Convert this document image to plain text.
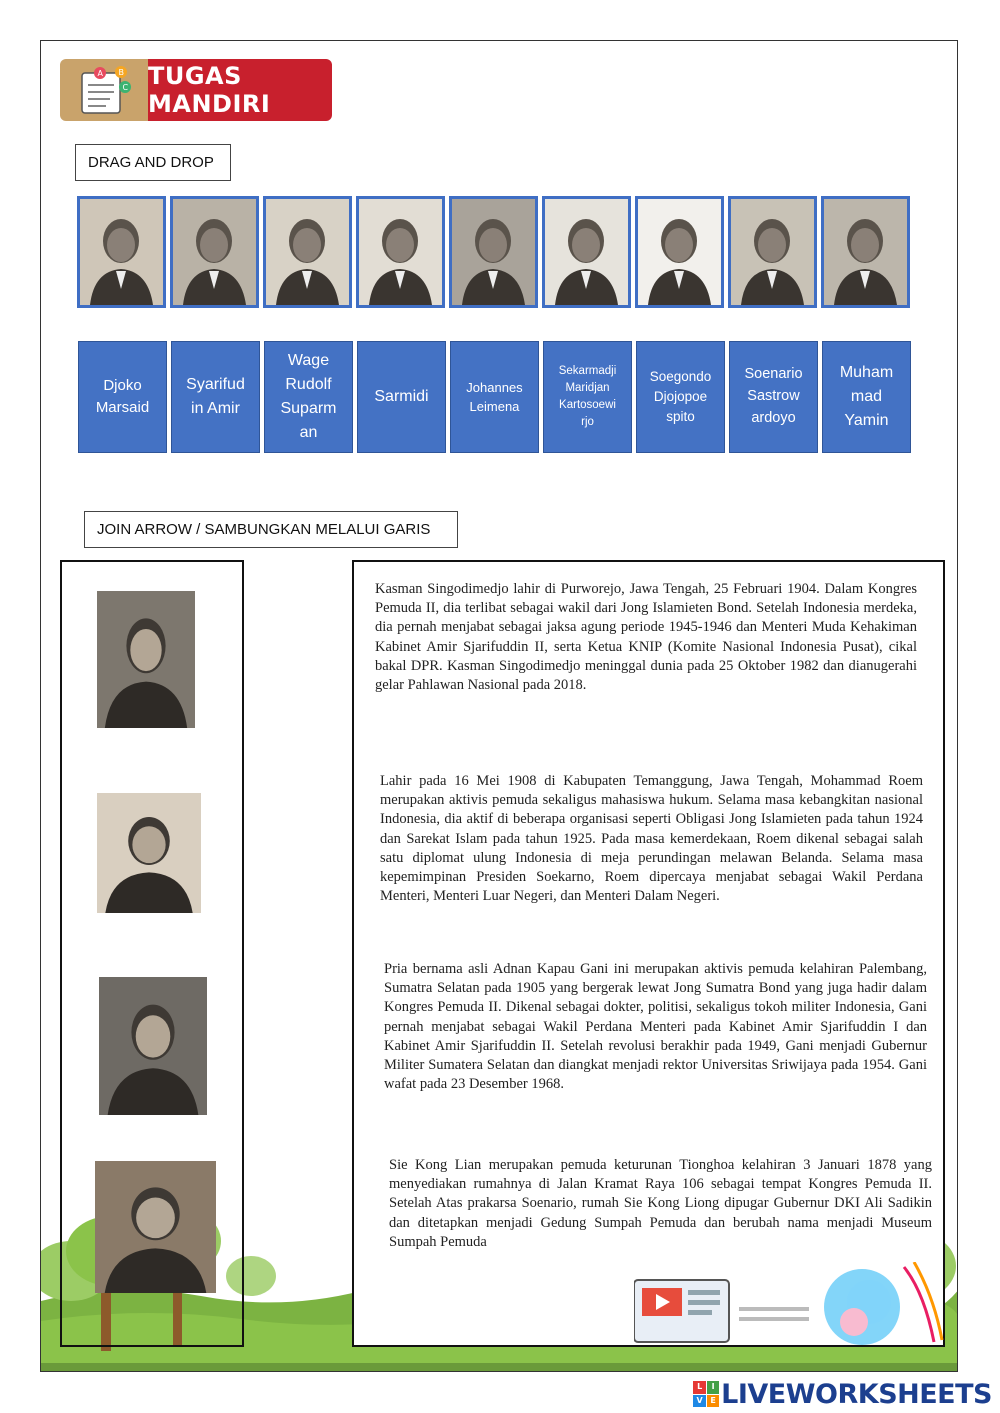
A B
C TUGAS MANDIRI
DRAG AND DROP
Djoko
Marsaid
Syarifud
in Amir
Wage
Rudolf
Suparm
an
Sarmidi
Johannes
Leimena
Sekarmadji
Maridjan
Kartosoewi
rjo
Soegondo
Djojopoe
spito
Soenario
Sastrow
ardoyo
Muham
mad
Yamin
JOIN ARROW / SAMBUNGKAN MELALUI GARIS
Kasman Singodimedjo lahir di Purworejo, Jawa Tengah, 25 Februari 1904. Dalam Kongres Pemuda II, dia terlibat sebagai wakil dari Jong Islamieten Bond. Setelah Indonesia merdeka, dia pernah menjabat sebagai jaksa agung periode 1945-1946 dan Menteri Muda Kehakiman Kabinet Amir Sjarifuddin II, serta Ketua KNIP (Komite Nasional Indonesia Pusat), cikal bakal DPR. Kasman Singodimedjo meninggal dunia pada 25 Oktober 1982 dan dianugerahi gelar Pahlawan Nasional pada 2018.
Lahir pada 16 Mei 1908 di Kabupaten Temanggung, Jawa Tengah, Mohammad Roem merupakan aktivis pemuda sekaligus mahasiswa hukum. Selama masa kebangkitan nasional Indonesia, dia aktif di beberapa organisasi seperti Obligasi Jong Islamieten pada tahun 1924 dan Sarekat Islam pada tahun 1925. Pada masa kemerdekaan, Roem dikenal sebagai salah satu diplomat ulung Indonesia di meja perundingan melawan Belanda. Selama masa kepemimpinan Presiden Soekarno, Roem dipercaya menjabat sebagai Wakil Perdana Menteri, Menteri Luar Negeri, dan Menteri Dalam Negeri.
Pria bernama asli Adnan Kapau Gani ini merupakan aktivis pemuda kelahiran Palembang, Sumatra Selatan pada 1905 yang bergerak lewat Jong Sumatra Bond yang juga hadir dalam Kongres Pemuda II. Dikenal sebagai dokter, politisi, sekaligus tokoh militer Indonesia, Gani pernah menjabat sebagai Wakil Perdana Menteri pada Kabinet Amir Sjarifuddin I dan Kabinet Amir Sjarifuddin II. Setelah revolusi berakhir pada 1949, Gani menjadi Gubernur Militer Sumatera Selatan dan diangkat menjadi rektor Universitas Sriwijaya pada 1954. Gani wafat pada 23 Desember 1968.
Sie Kong Lian merupakan pemuda keturunan Tionghoa kelahiran 3 Januari 1878 yang menyediakan rumahnya di Jalan Kramat Raya 106 sebagai tempat Kongres Pemuda II. Setelah Atas prakarsa Soenario, rumah Sie Kong Liong dipugar Gubernur DKI Ali Sadikin dan ditetapkan menjadi Gedung Sumpah Pemuda dan berubah nama menjadi Museum Sumpah Pemuda
L	I
V	E LIVEWORKSHEETS
